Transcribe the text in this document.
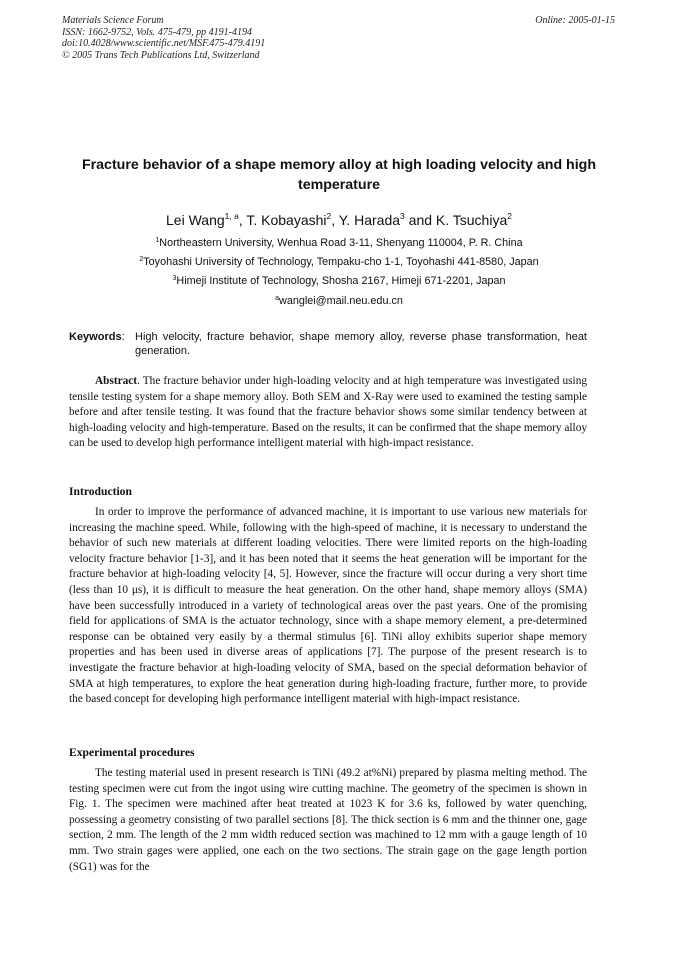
Materials Science Forum
ISSN: 1662-9752, Vols. 475-479, pp 4191-4194
doi:10.4028/www.scientific.net/MSF.475-479.4191
© 2005 Trans Tech Publications Ltd, Switzerland
Online: 2005-01-15
Fracture behavior of a shape memory alloy at high loading velocity and high temperature
Lei Wang$^{1, a}$, T. Kobayashi$^2$, Y. Harada$^3$ and K. Tsuchiya$^2$
$^1$Northeastern University, Wenhua Road 3-11, Shenyang 110004, P. R. China
$^2$Toyohashi University of Technology, Tempaku-cho 1-1, Toyohashi 441-8580, Japan
$^3$Himeji Institute of Technology, Shosha 2167, Himeji 671-2201, Japan
$^a$wanglei@mail.neu.edu.cn
Keywords: High velocity, fracture behavior, shape memory alloy, reverse phase transformation, heat generation.
Abstract. The fracture behavior under high-loading velocity and at high temperature was investigated using tensile testing system for a shape memory alloy. Both SEM and X-Ray were used to examined the testing sample before and after tensile testing. It was found that the fracture behavior shows some similar tendency between at high-loading velocity and high-temperature. Based on the results, it can be confirmed that the shape memory alloy can be used to develop high performance intelligent material with high-impact resistance.
Introduction
In order to improve the performance of advanced machine, it is important to use various new materials for increasing the machine speed. While, following with the high-speed of machine, it is necessary to understand the behavior of such new materials at different loading velocities. There were limited reports on the high-loading velocity fracture behavior [1-3], and it has been noted that it seems the heat generation will be important for the fracture behavior at high-loading velocity [4, 5]. However, since the fracture will occur during a very short time (less than 10 μs), it is difficult to measure the heat generation. On the other hand, shape memory alloys (SMA) have been successfully introduced in a variety of technological areas over the past years. One of the promising field for applications of SMA is the actuator technology, since with a shape memory element, a pre-determined response can be obtained very easily by a thermal stimulus [6]. TiNi alloy exhibits superior shape memory properties and has been used in diverse areas of applications [7]. The purpose of the present research is to investigate the fracture behavior at high-loading velocity of SMA, based on the special deformation behavior of SMA at high temperatures, to explore the heat generation during high-loading fracture, further more, to provide the based concept for developing high performance intelligent material with high-impact resistance.
Experimental procedures
The testing material used in present research is TiNi (49.2 at%Ni) prepared by plasma melting method. The testing specimen were cut from the ingot using wire cutting machine. The geometry of the specimen is shown in Fig. 1. The specimen were machined after heat treated at 1023 K for 3.6 ks, followed by water quenching, possessing a geometry consisting of two parallel sections [8]. The thick section is 6 mm and the thinner one, gage section, 2 mm. The length of the 2 mm width reduced section was machined to 12 mm with a gauge length of 10 mm. Two strain gages were applied, one each on the two sections. The strain gage on the gage length portion (SG1) was for the
